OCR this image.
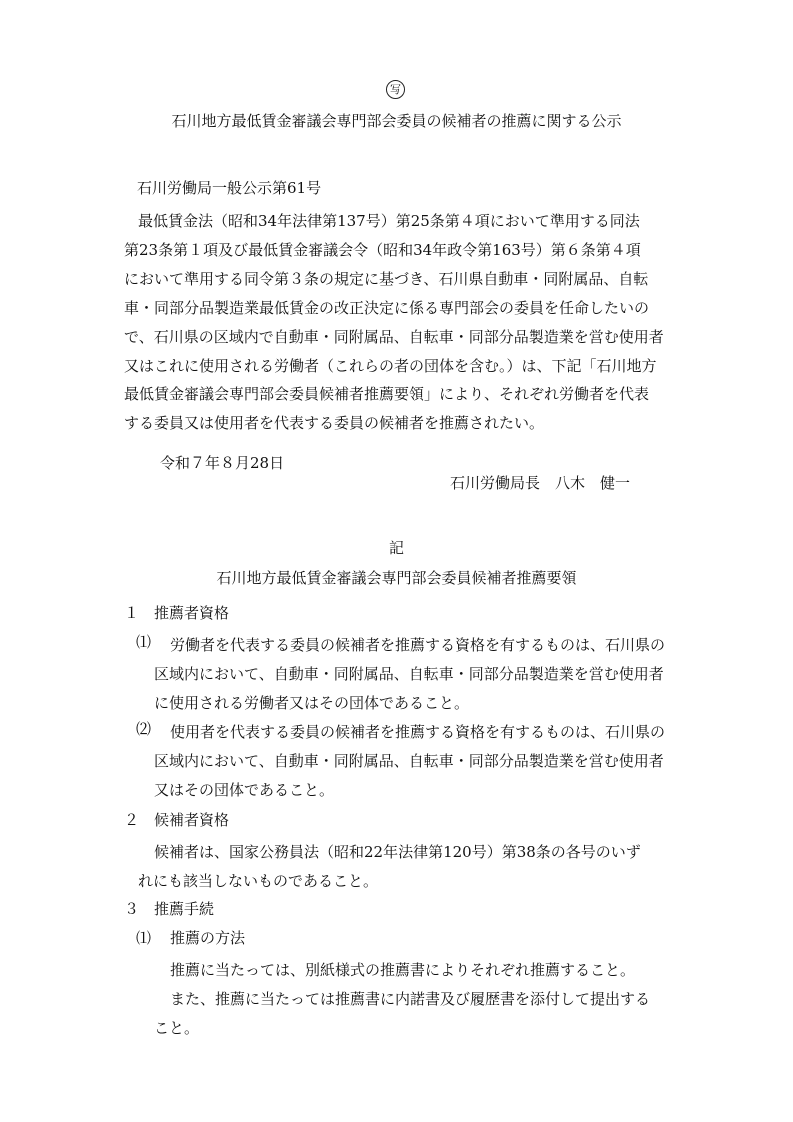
写
石川地方最低賃金審議会専門部会委員の候補者の推薦に関する公示
石川労働局一般公示第61号
最低賃金法（昭和34年法律第137号）第25条第４項において準用する同法
第23条第１項及び最低賃金審議会令（昭和34年政令第163号）第６条第４項
において準用する同令第３条の規定に基づき、石川県自動車・同附属品、自転
車・同部分品製造業最低賃金の改正決定に係る専門部会の委員を任命したいの
で、石川県の区域内で自動車・同附属品、自転車・同部分品製造業を営む使用者
又はこれに使用される労働者（これらの者の団体を含む。）は、下記「石川地方
最低賃金審議会専門部会委員候補者推薦要領」により、それぞれ労働者を代表
する委員又は使用者を代表する委員の候補者を推薦されたい。
令和７年８月28日
石川労働局長　八木　健一
記
石川地方最低賃金審議会専門部会委員候補者推薦要領
１ 推薦者資格
⑴	労働者を代表する委員の候補者を推薦する資格を有するものは、石川県の
区域内において、自動車・同附属品、自転車・同部分品製造業を営む使用者
に使用される労働者又はその団体であること。
⑵	使用者を代表する委員の候補者を推薦する資格を有するものは、石川県の
区域内において、自動車・同附属品、自転車・同部分品製造業を営む使用者
又はその団体であること。
２ 候補者資格
候補者は、国家公務員法（昭和22年法律第120号）第38条の各号のいず
れにも該当しないものであること。
３ 推薦手続
⑴ 推薦の方法
推薦に当たっては、別紙様式の推薦書によりそれぞれ推薦すること。
また、推薦に当たっては推薦書に内諾書及び履歴書を添付して提出する
こと。
